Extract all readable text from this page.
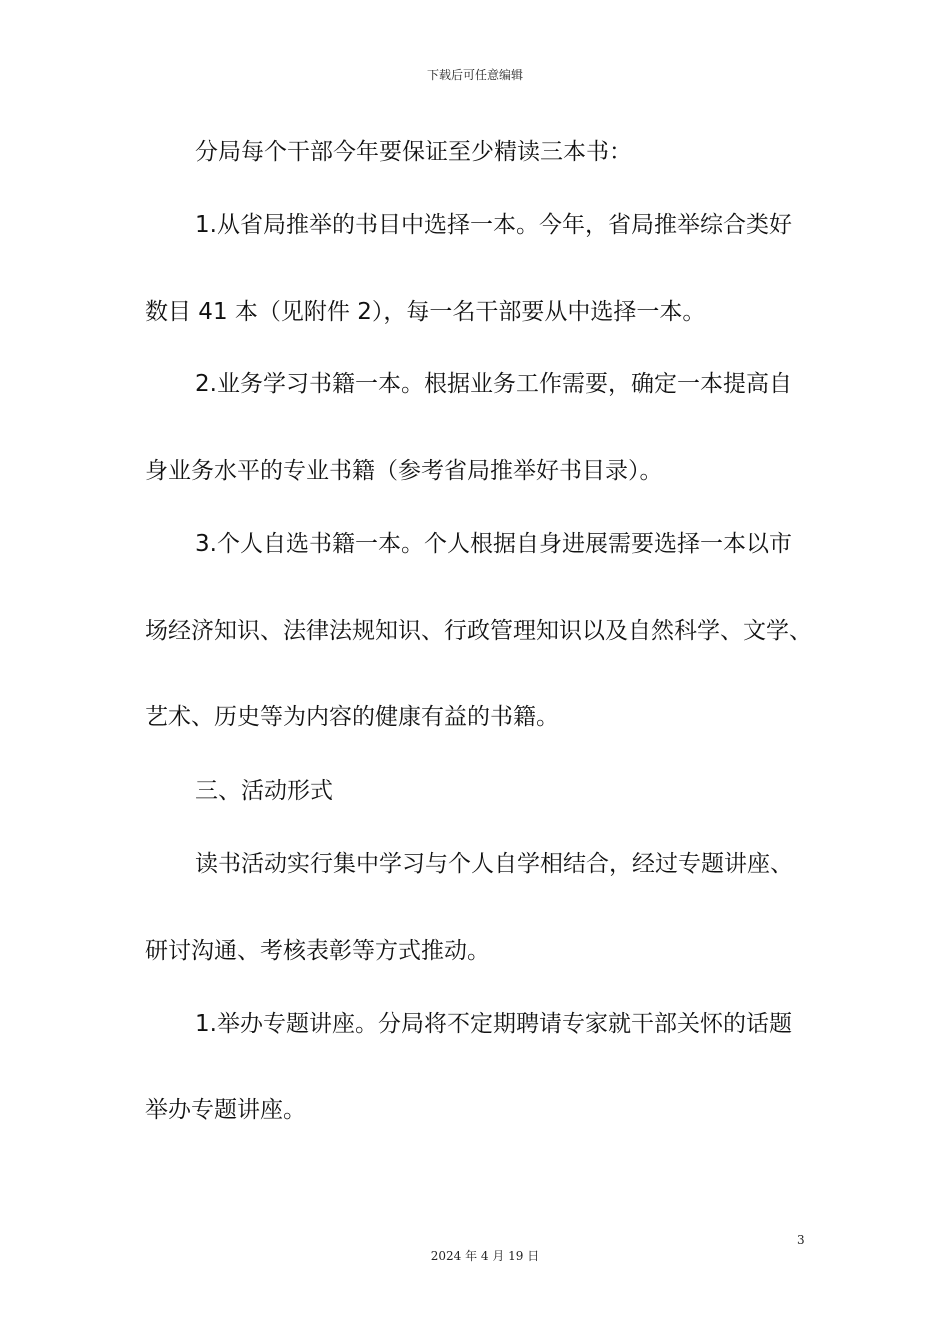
下载后可任意编辑
分局每个干部今年要保证至少精读三本书：
1.从省局推举的书目中选择一本。今年，省局推举综合类好
数目 41 本（见附件 2），每一名干部要从中选择一本。
2.业务学习书籍一本。根据业务工作需要，确定一本提高自
身业务水平的专业书籍（参考省局推举好书目录）。
3.个人自选书籍一本。个人根据自身进展需要选择一本以市
场经济知识、法律法规知识、行政管理知识以及自然科学、文学、
艺术、历史等为内容的健康有益的书籍。
三、活动形式
读书活动实行集中学习与个人自学相结合，经过专题讲座、
研讨沟通、考核表彰等方式推动。
1.举办专题讲座。分局将不定期聘请专家就干部关怀的话题
举办专题讲座。
3
2024 年 4 月 19 日
